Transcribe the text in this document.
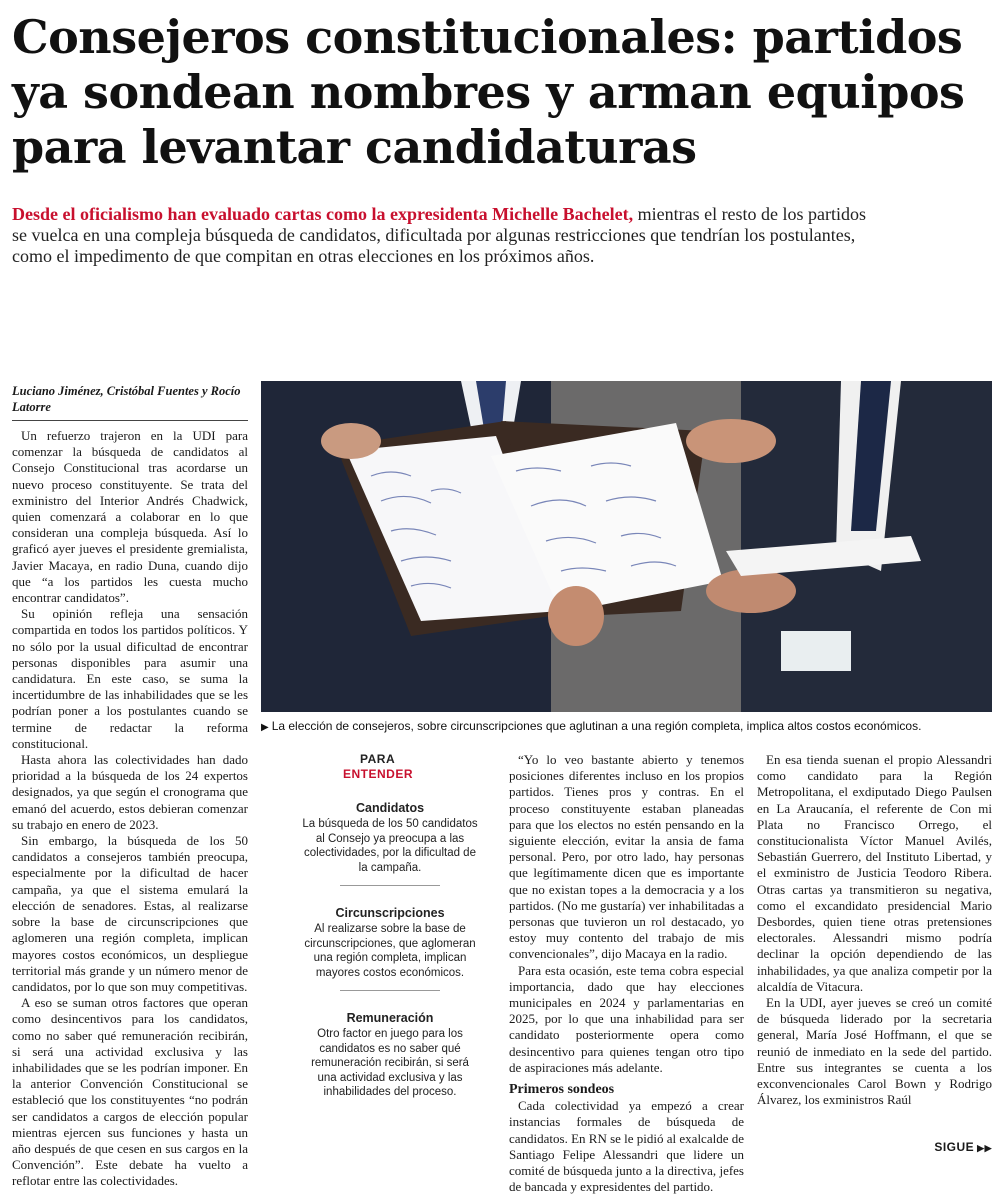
Consejeros constitucionales: partidos ya sondean nombres y arman equipos para levantar candidaturas

Desde el oficialismo han evaluado cartas como la expresidenta Michelle Bachelet, mientras el resto de los partidos se vuelca en una compleja búsqueda de candidatos, dificultada por algunas restricciones que tendrían los postulantes, como el impedimento de que compitan en otras elecciones en los próximos años.

Luciano Jiménez, Cristóbal Fuentes y Rocío Latorre

Un refuerzo trajeron en la UDI para comenzar la búsqueda de candidatos al Consejo Constitucional tras acordarse un nuevo proceso constituyente. Se trata del exministro del Interior Andrés Chadwick, quien comenzará a colaborar en lo que consideran una compleja búsqueda. Así lo graficó ayer jueves el presidente gremialista, Javier Macaya, en radio Duna, cuando dijo que “a los partidos les cuesta mucho encontrar candidatos”.

Su opinión refleja una sensación compartida en todos los partidos políticos. Y no sólo por la usual dificultad de encontrar personas disponibles para asumir una candidatura. En este caso, se suma la incertidumbre de las inhabilidades que se les podrían poner a los postulantes cuando se termine de redactar la reforma constitucional.

Hasta ahora las colectividades han dado prioridad a la búsqueda de los 24 expertos designados, ya que según el cronograma que emanó del acuerdo, estos debieran comenzar su trabajo en enero de 2023.

Sin embargo, la búsqueda de los 50 candidatos a consejeros también preocupa, especialmente por la dificultad de hacer campaña, ya que el sistema emulará la elección de senadores. Estas, al realizarse sobre la base de circunscripciones que aglomeren una región completa, implican mayores costos económicos, un despliegue territorial más grande y un número menor de candidatos, por lo que son muy competitivas.

A eso se suman otros factores que operan como desincentivos para los candidatos, como no saber qué remuneración recibirán, si será una actividad exclusiva y las inhabilidades que se les podrían imponer. En la anterior Convención Constitucional se estableció que los constituyentes “no podrán ser candidatos a cargos de elección popular mientras ejercen sus funciones y hasta un año después de que cesen en sus cargos en la Convención”. Este debate ha vuelto a reflotar entre las colectividades.

▶ La elección de consejeros, sobre circunscripciones que aglutinan a una región completa, implica altos costos económicos.

PARA

ENTENDER

Candidatos

La búsqueda de los 50 candidatos al Consejo ya preocupa a las colectividades, por la dificultad de la campaña.

Circunscripciones

Al realizarse sobre la base de circunscripciones, que aglomeran una región completa, implican mayores costos económicos.

Remuneración

Otro factor en juego para los candidatos es no saber qué remuneración recibirán, si será una actividad exclusiva y las inhabilidades del proceso.

“Yo lo veo bastante abierto y tenemos posiciones diferentes incluso en los propios partidos. Tienes pros y contras. En el proceso constituyente estaban planeadas para que los electos no estén pensando en la siguiente elección, evitar la ansia de fama personal. Pero, por otro lado, hay personas que legítimamente dicen que es importante que no existan topes a la democracia y a los partidos. (No me gustaría) ver inhabilitadas a personas que tuvieron un rol destacado, yo estoy muy contento del trabajo de mis convencionales”, dijo Macaya en la radio.

Para esta ocasión, este tema cobra especial importancia, dado que hay elecciones municipales en 2024 y parlamentarias en 2025, por lo que una inhabilidad para ser candidato posteriormente opera como desincentivo para quienes tengan otro tipo de aspiraciones más adelante.

Primeros sondeos

Cada colectividad ya empezó a crear instancias formales de búsqueda de candidatos. En RN se le pidió al exalcalde de Santiago Felipe Alessandri que lidere un comité de búsqueda junto a la directiva, jefes de bancada y expresidentes del partido.

En esa tienda suenan el propio Alessandri como candidato para la Región Metropolitana, el exdiputado Diego Paulsen en La Araucanía, el referente de Con mi Plata no Francisco Orrego, el constitucionalista Víctor Manuel Avilés, Sebastián Guerrero, del Instituto Libertad, y el exministro de Justicia Teodoro Ribera. Otras cartas ya transmitieron su negativa, como el excandidato presidencial Mario Desbordes, quien tiene otras pretensiones electorales. Alessandri mismo podría declinar la opción dependiendo de las inhabilidades, ya que analiza competir por la alcaldía de Vitacura.

En la UDI, ayer jueves se creó un comité de búsqueda liderado por la secretaria general, María José Hoffmann, el que se reunió de inmediato en la sede del partido. Entre sus integrantes se cuenta a los exconvencionales Carol Bown y Rodrigo Álvarez, los exministros Raúl

SIGUE ▶▶
